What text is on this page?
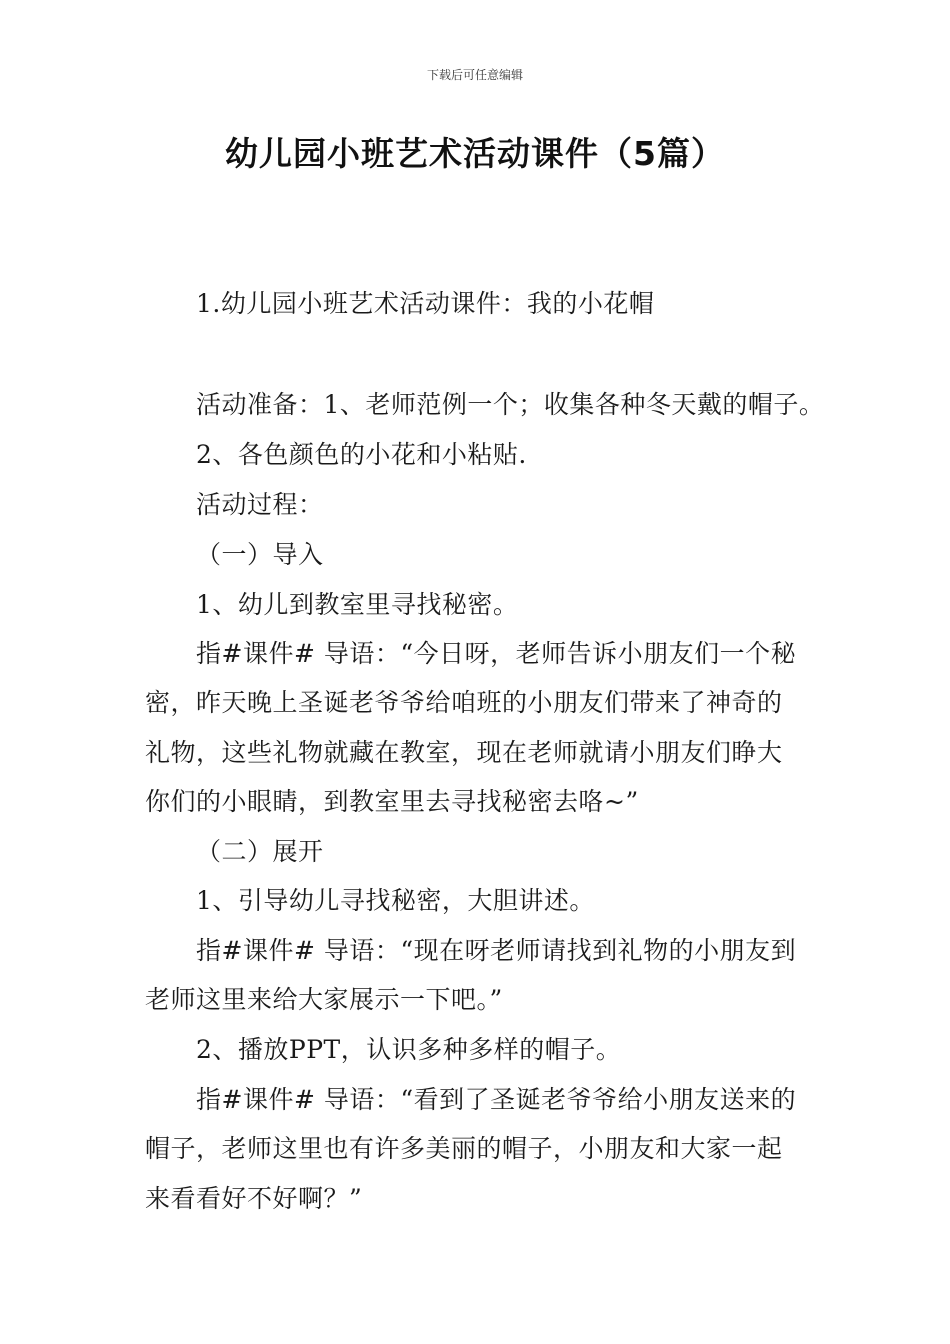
下载后可任意编辑
幼儿园小班艺术活动课件（5篇）
1.幼儿园小班艺术活动课件：我的小花帽
活动准备：1、老师范例一个；收集各种冬天戴的帽子。
2、各色颜色的小花和小粘贴.
活动过程：
（一）导入
1、幼儿到教室里寻找秘密。
指#课件# 导语：“今日呀，老师告诉小朋友们一个秘
密，昨天晚上圣诞老爷爷给咱班的小朋友们带来了神奇的
礼物，这些礼物就藏在教室，现在老师就请小朋友们睁大
你们的小眼睛，到教室里去寻找秘密去咯~”
（二）展开
1、引导幼儿寻找秘密，大胆讲述。
指#课件# 导语：“现在呀老师请找到礼物的小朋友到
老师这里来给大家展示一下吧。”
2、播放PPT，认识多种多样的帽子。
指#课件# 导语：“看到了圣诞老爷爷给小朋友送来的
帽子，老师这里也有许多美丽的帽子，小朋友和大家一起
来看看好不好啊？”
